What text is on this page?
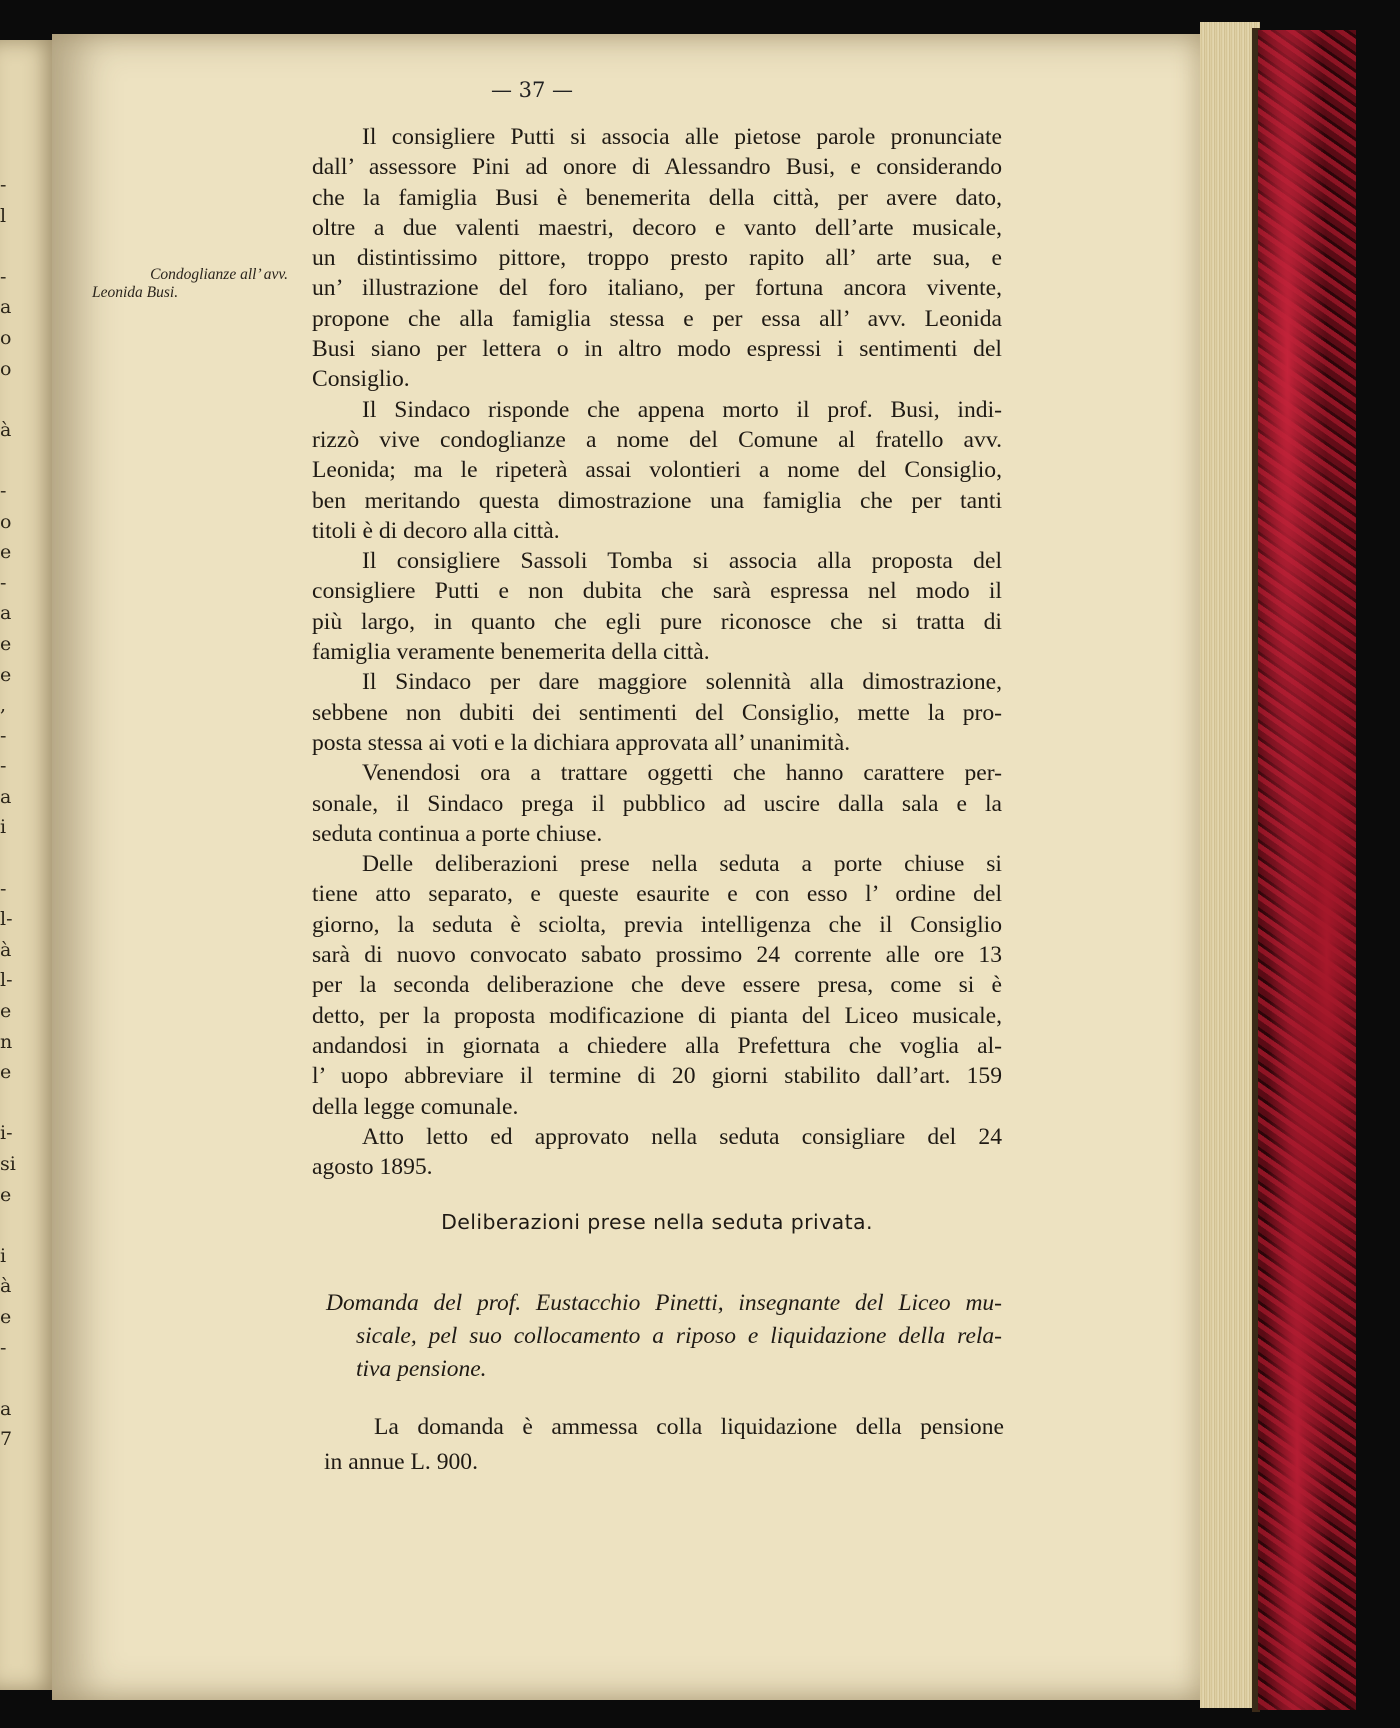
-
l
-
a
o
o
à
-
o
e
-
a
e
e
,
-
-
a
i
-
l-
à
l-
e
n
e
i-
si
e
i
à
e
-
a
7
— 37 —
Condoglianze all’ avv.
Leonida Busi.
Il consigliere Putti si associa alle pietose parole pronunciate
dall’ assessore Pini ad onore di Alessandro Busi, e considerando
che la famiglia Busi è benemerita della città, per avere dato,
oltre a due valenti maestri, decoro e vanto dell’arte musicale,
un distintissimo pittore, troppo presto rapito all’ arte sua, e
un’ illustrazione del foro italiano, per fortuna ancora vivente,
propone che alla famiglia stessa e per essa all’ avv. Leonida
Busi siano per lettera o in altro modo espressi i sentimenti del
Consiglio.
Il Sindaco risponde che appena morto il prof. Busi, indi-
rizzò vive condoglianze a nome del Comune al fratello avv.
Leonida; ma le ripeterà assai volontieri a nome del Consiglio,
ben meritando questa dimostrazione una famiglia che per tanti
titoli è di decoro alla città.
Il consigliere Sassoli Tomba si associa alla proposta del
consigliere Putti e non dubita che sarà espressa nel modo il
più largo, in quanto che egli pure riconosce che si tratta di
famiglia veramente benemerita della città.
Il Sindaco per dare maggiore solennità alla dimostrazione,
sebbene non dubiti dei sentimenti del Consiglio, mette la pro-
posta stessa ai voti e la dichiara approvata all’ unanimità.
Venendosi ora a trattare oggetti che hanno carattere per-
sonale, il Sindaco prega il pubblico ad uscire dalla sala e la
seduta continua a porte chiuse.
Delle deliberazioni prese nella seduta a porte chiuse si
tiene atto separato, e queste esaurite e con esso l’ ordine del
giorno, la seduta è sciolta, previa intelligenza che il Consiglio
sarà di nuovo convocato sabato prossimo 24 corrente alle ore 13
per la seconda deliberazione che deve essere presa, come si è
detto, per la proposta modificazione di pianta del Liceo musicale,
andandosi in giornata a chiedere alla Prefettura che voglia al-
l’ uopo abbreviare il termine di 20 giorni stabilito dall’art. 159
della legge comunale.
Atto letto ed approvato nella seduta consigliare del 24
agosto 1895.
Deliberazioni prese nella seduta privata.
Domanda del prof. Eustacchio Pinetti, insegnante del Liceo mu-
sicale, pel suo collocamento a riposo e liquidazione della rela-
tiva pensione.
La domanda è ammessa colla liquidazione della pensione
in annue L. 900.
